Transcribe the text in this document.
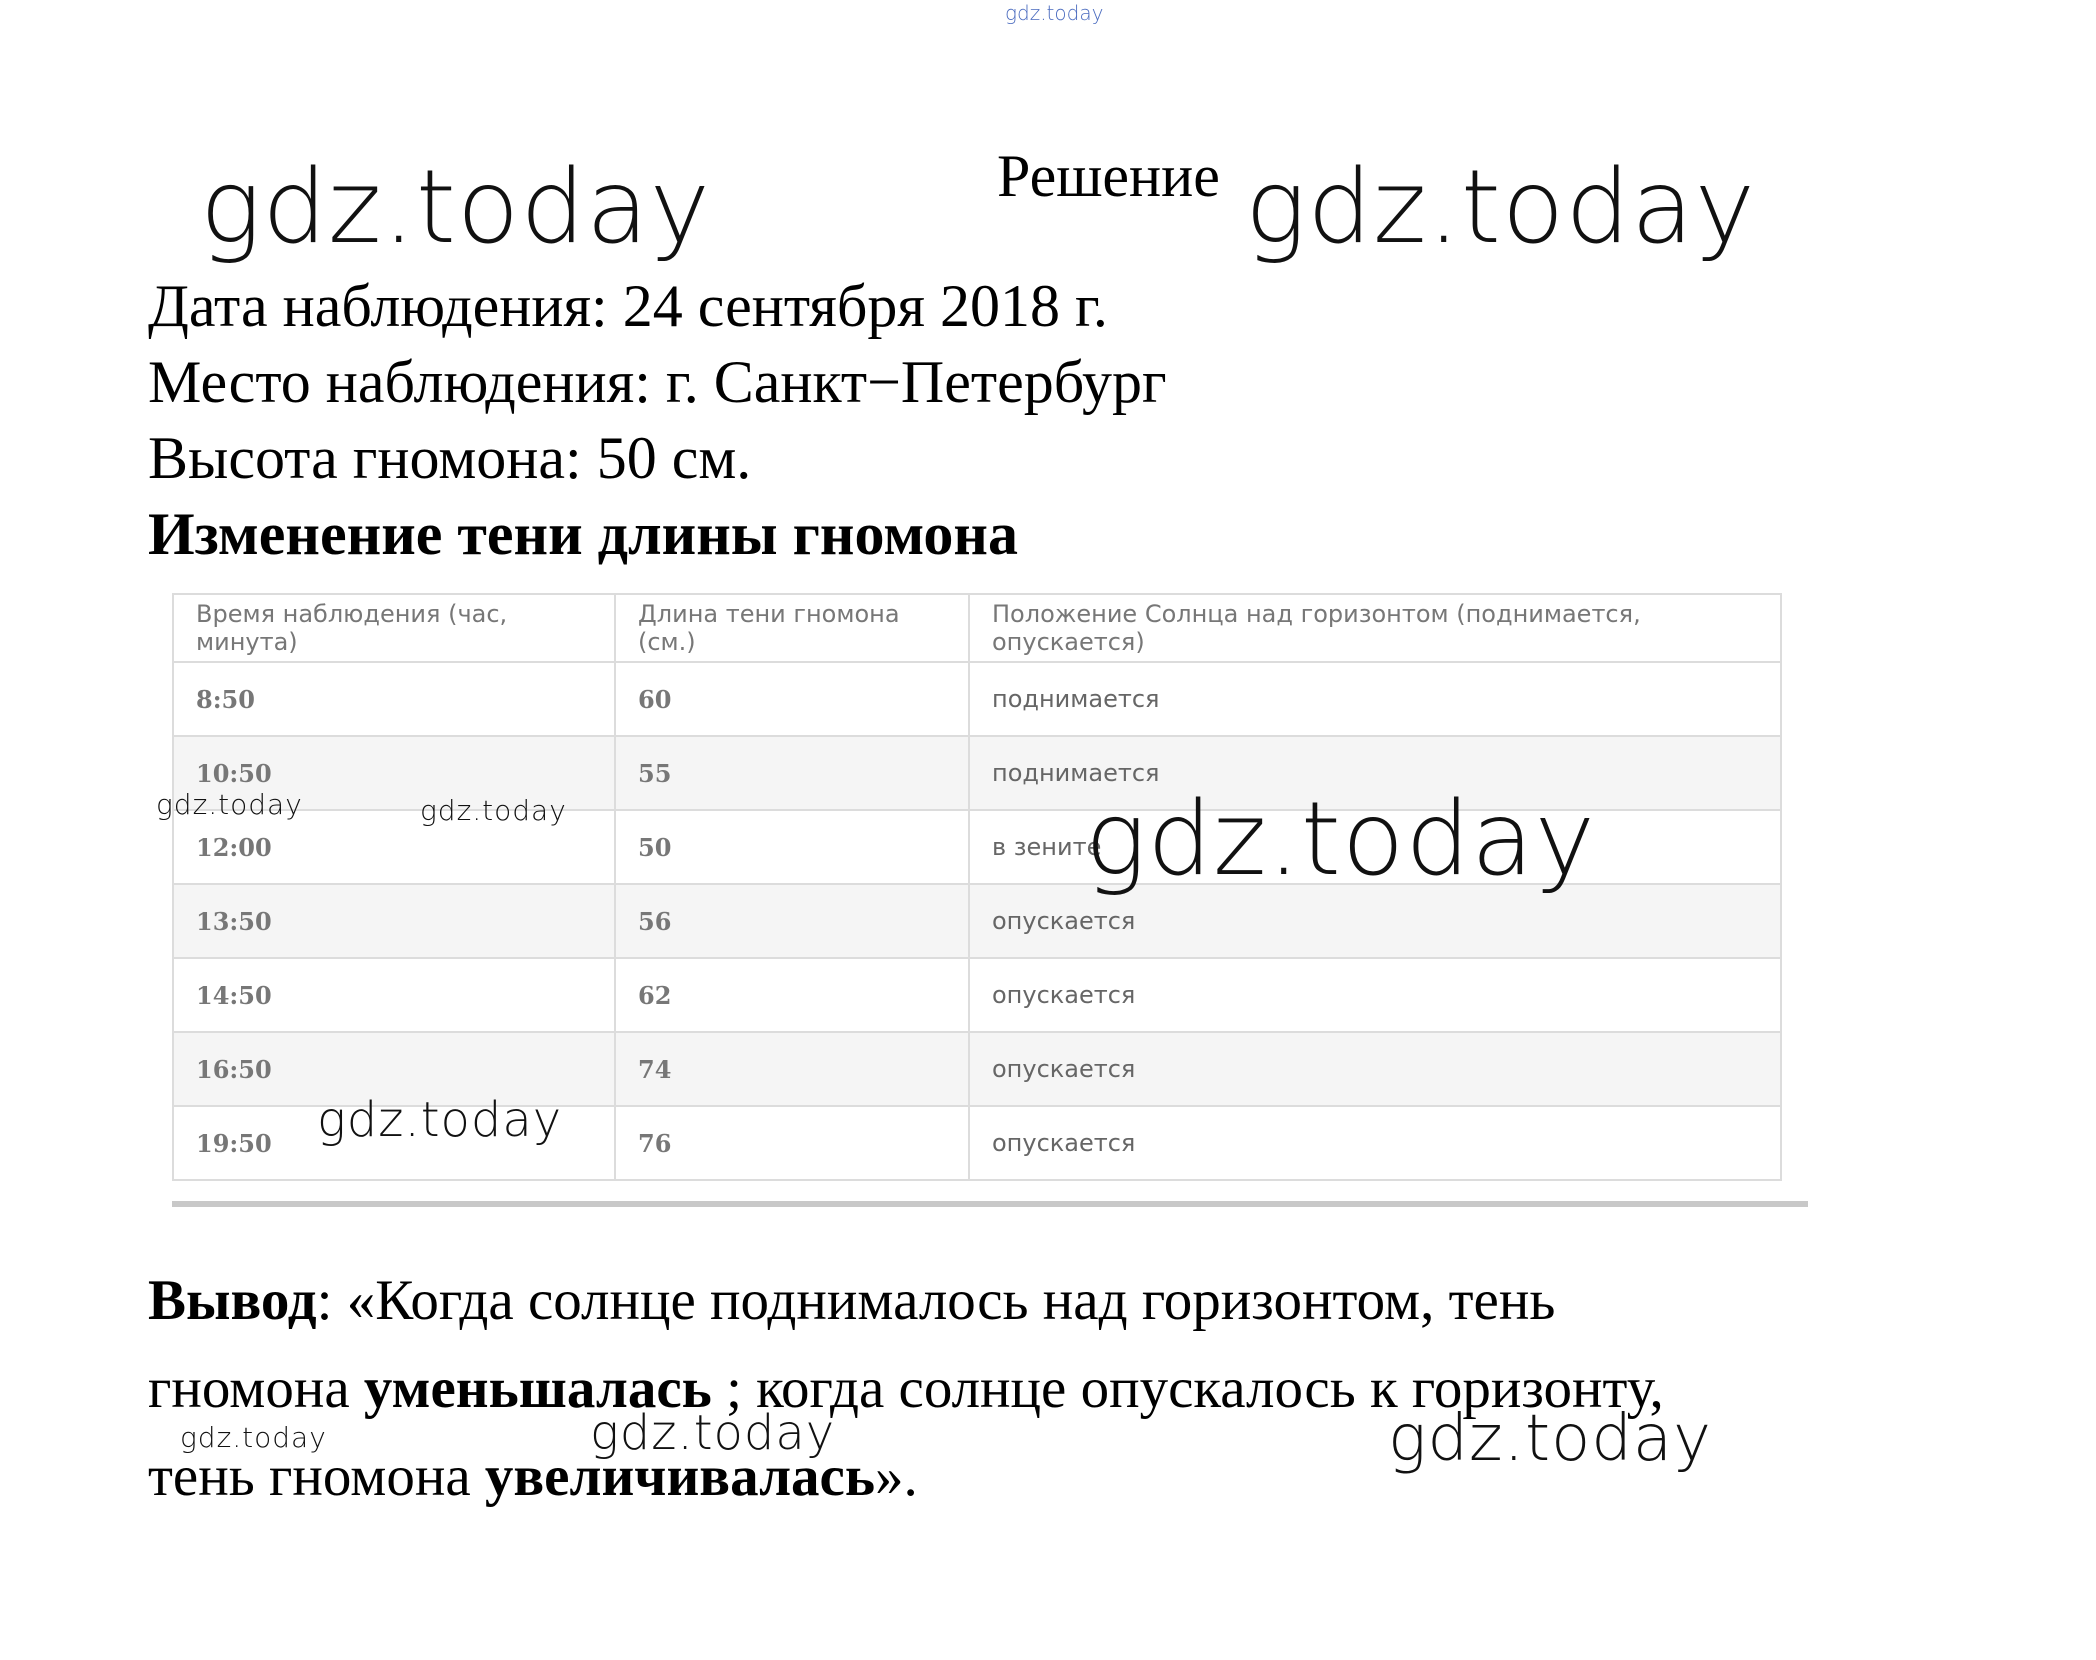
gdz.today
Решение
gdz.today	gdz.today
Дата наблюдения: 24 сентября 2018 г.
Место наблюдения: г. Санкт−Петербург
Высота гномона: 50 см.
Изменение тени длины гномона
Время наблюдения (час, минута)	Длина тени гномона (см.)	Положение Солнца над горизонтом (поднимается, опускается)
8:50	60	поднимается
10:50	55	поднимается
12:00	50	в зените
13:50	56	опускается
14:50	62	опускается
16:50	74	опускается
19:50	76	опускается
gdz.today	gdz.today	gdz.today
gdz.today
Вывод: «Когда солнце поднималось над горизонтом, тень
гномона уменьшалась ; когда солнце опускалось к горизонту,
тень гномона увеличивалась».
gdz.today	gdz.today	gdz.today
